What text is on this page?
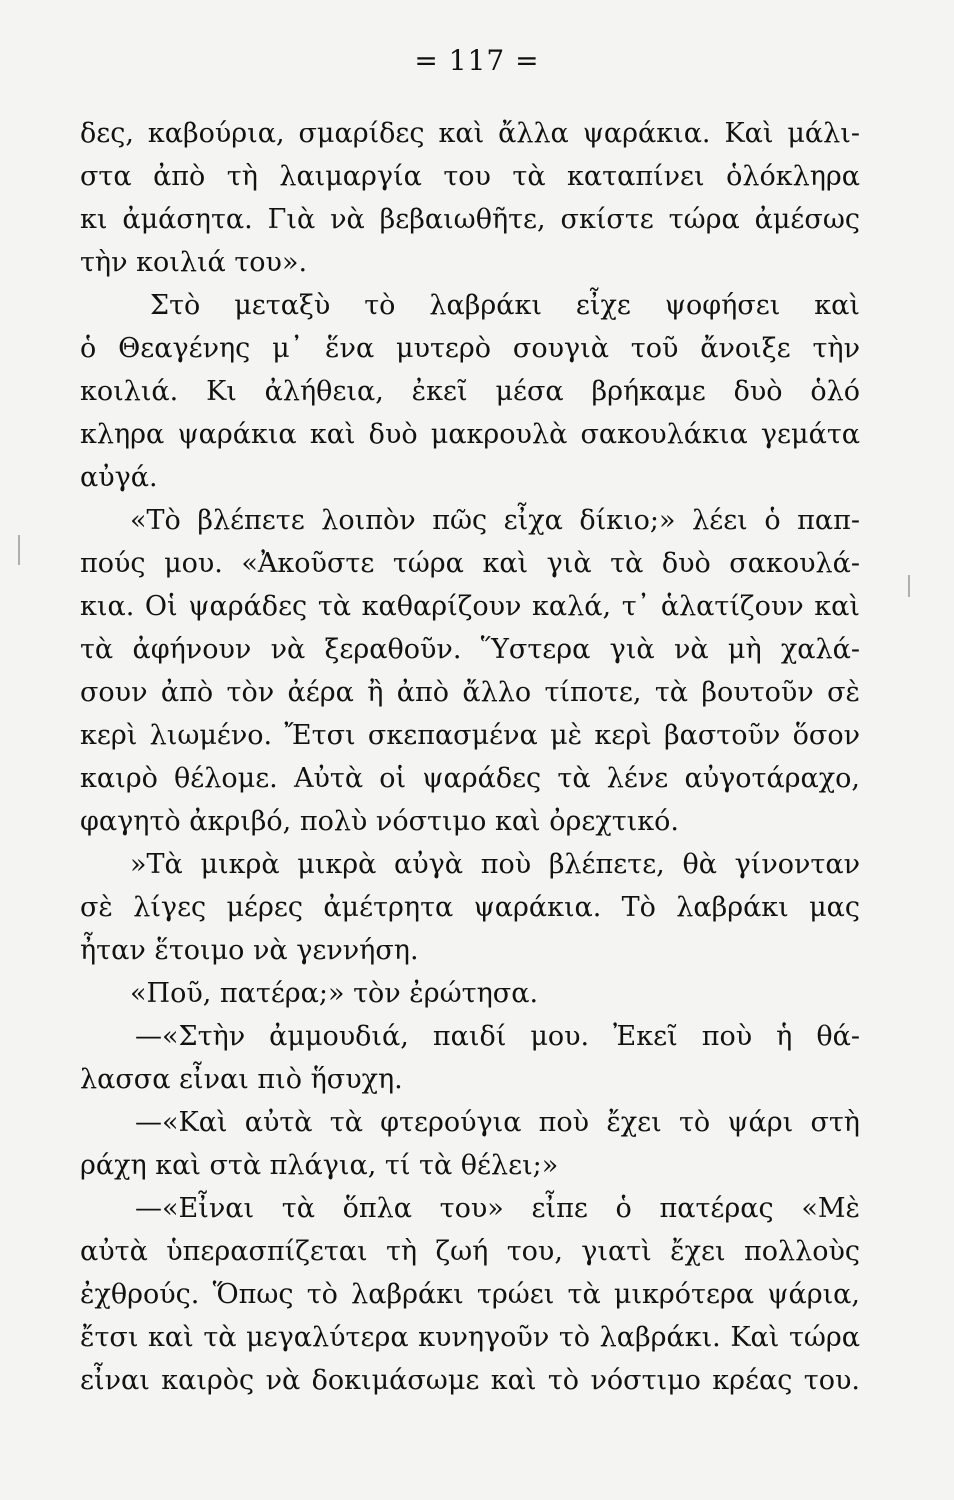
= 117 =
δες, καβούρια, σμαρίδες καὶ ἄλλα ψαράκια. Καὶ μάλι-
στα ἀπὸ τὴ λαιμαργία του τὰ καταπίνει ὁλόκληρα
κι ἀμάσητα. Γιὰ νὰ βεβαιωθῆτε, σκίστε τώρα ἀμέσως
τὴν κοιλιά του».
Στὸ μεταξὺ τὸ λαβράκι εἶχε ψοφήσει καὶ
ὁ Θεαγένης μ᾿ ἕνα μυτερὸ σουγιὰ τοῦ ἄνοιξε τὴν
κοιλιά. Κι ἀλήθεια, ἐκεῖ μέσα βρήκαμε δυὸ ὁλό
κληρα ψαράκια καὶ δυὸ μακρουλὰ σακουλάκια γεμάτα
αὐγά.
«Τὸ βλέπετε λοιπὸν πῶς εἶχα δίκιο;» λέει ὁ παπ-
πούς μου. «Ἀκοῦστε τώρα καὶ γιὰ τὰ δυὸ σακουλά-
κια. Οἱ ψαράδες τὰ καθαρίζουν καλά, τ᾿ ἁλατίζουν καὶ
τὰ ἀφήνουν νὰ ξεραθοῦν. Ὕστερα γιὰ νὰ μὴ χαλά-
σουν ἀπὸ τὸν ἀέρα ἢ ἀπὸ ἄλλο τίποτε, τὰ βουτοῦν σὲ
κερὶ λιωμένο. Ἔτσι σκεπασμένα μὲ κερὶ βαστοῦν ὅσον
καιρὸ θέλομε. Αὐτὰ οἱ ψαράδες τὰ λένε αὐγοτάραχο,
φαγητὸ ἀκριβό, πολὺ νόστιμο καὶ ὀρεχτικό.
»Τὰ μικρὰ μικρὰ αὐγὰ ποὺ βλέπετε, θὰ γίνονταν
σὲ λίγες μέρες ἀμέτρητα ψαράκια. Τὸ λαβράκι μας
ἦταν ἕτοιμο νὰ γεννήση.
«Ποῦ, πατέρα;» τὸν ἐρώτησα.
—«Στὴν ἀμμουδιά, παιδί μου. Ἐκεῖ ποὺ ἡ θά-
λασσα εἶναι πιὸ ἥσυχη.
—«Καὶ αὐτὰ τὰ φτερούγια ποὺ ἔχει τὸ ψάρι στὴ
ράχη καὶ στὰ πλάγια, τί τὰ θέλει;»
—«Εἶναι τὰ ὅπλα του» εἶπε ὁ πατέρας «Μὲ
αὐτὰ ὑπερασπίζεται τὴ ζωή του, γιατὶ ἔχει πολλοὺς
ἐχθρούς. Ὅπως τὸ λαβράκι τρώει τὰ μικρότερα ψάρια,
ἔτσι καὶ τὰ μεγαλύτερα κυνηγοῦν τὸ λαβράκι. Καὶ τώρα
εἶναι καιρὸς νὰ δοκιμάσωμε καὶ τὸ νόστιμο κρέας του.
